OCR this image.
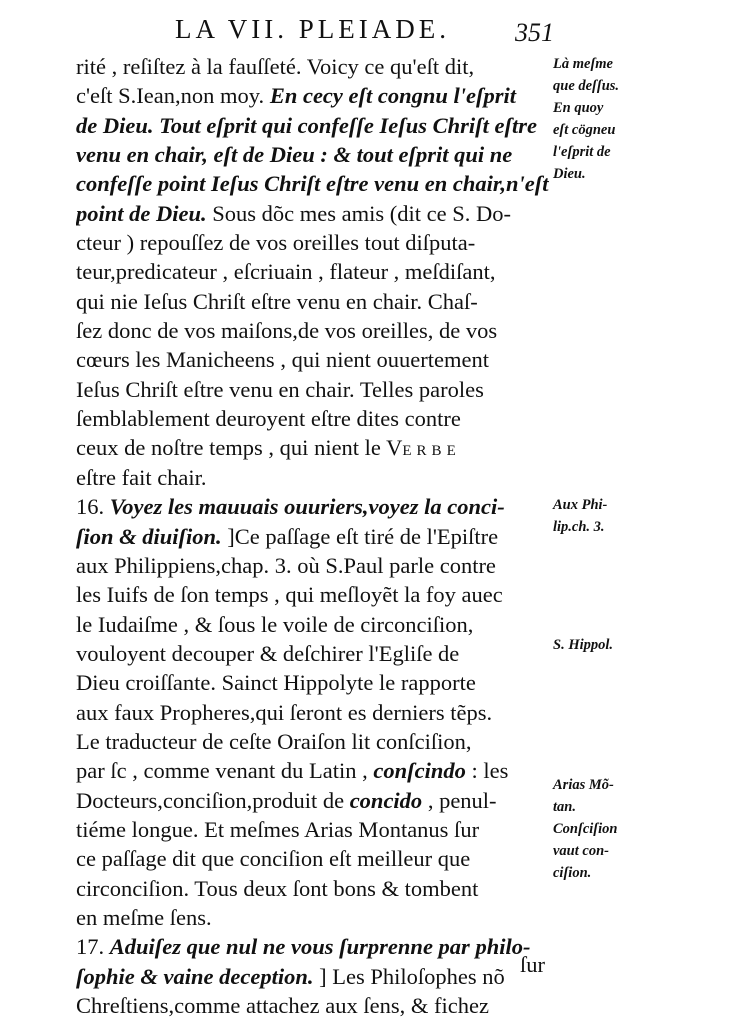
LA VII. PLEIADE.	351
rité , reſiſtez à la fauſſeté. Voicy ce qu'eſt dit,
c'eſt S.Iean,non moy. En cecy eſt congnu l'eſprit
de Dieu. Tout eſprit qui confeſſe Ieſus Chriſt eſtre
venu en chair, eſt de Dieu : & tout eſprit qui ne
confeſſe point Ieſus Chriſt eſtre venu en chair,n'eſt
point de Dieu. Sous dõc mes amis (dit ce S. Do-
cteur ) repouſſez de vos oreilles tout diſputa-
teur,predicateur , eſcriuain , flateur , meſdiſant,
qui nie Ieſus Chriſt eſtre venu en chair. Chaſ-
ſez donc de vos maiſons,de vos oreilles, de vos
cœurs les Manicheens , qui nient ouuertement
Ieſus Chriſt eſtre venu en chair. Telles paroles
ſemblablement deuroyent eſtre dites contre
ceux de noſtre temps , qui nient le VERBE
eſtre fait chair.
16. Voyez les mauuais ouuriers,voyez la conci-
ſion & diuiſion. ]Ce paſſage eſt tiré de l'Epiſtre
aux Philippiens,chap. 3. où S.Paul parle contre
les Iuifs de ſon temps , qui meſloyẽt la foy auec
le Iudaiſme , & ſous le voile de circonciſion,
vouloyent decouper & deſchirer l'Egliſe de
Dieu croiſſante. Sainct Hippolyte le rapporte
aux faux Propheres,qui ſeront es derniers tẽps.
Le traducteur de ceſte Oraiſon lit conſciſion,
par ſc , comme venant du Latin , conſcindo : les
Docteurs,conciſion,produit de concido , penul-
tiéme longue. Et meſmes Arias Montanus ſur
ce paſſage dit que conciſion eſt meilleur que
circonciſion. Tous deux ſont bons & tombent
en meſme ſens.
17. Aduiſez que nul ne vous ſurprenne par philo-
ſophie & vaine deception. ] Les Philoſophes nõ
Chreſtiens,comme attachez aux ſens, & fichez
Là meſme
que deſſus.
En quoy
eſt cögneu
l'eſprit de
Dieu.
Aux Phi-
lip.ch. 3.
S. Hippol.
Arias Mõ-
tan.
Conſciſion
vaut con-
ciſion.
ſur
